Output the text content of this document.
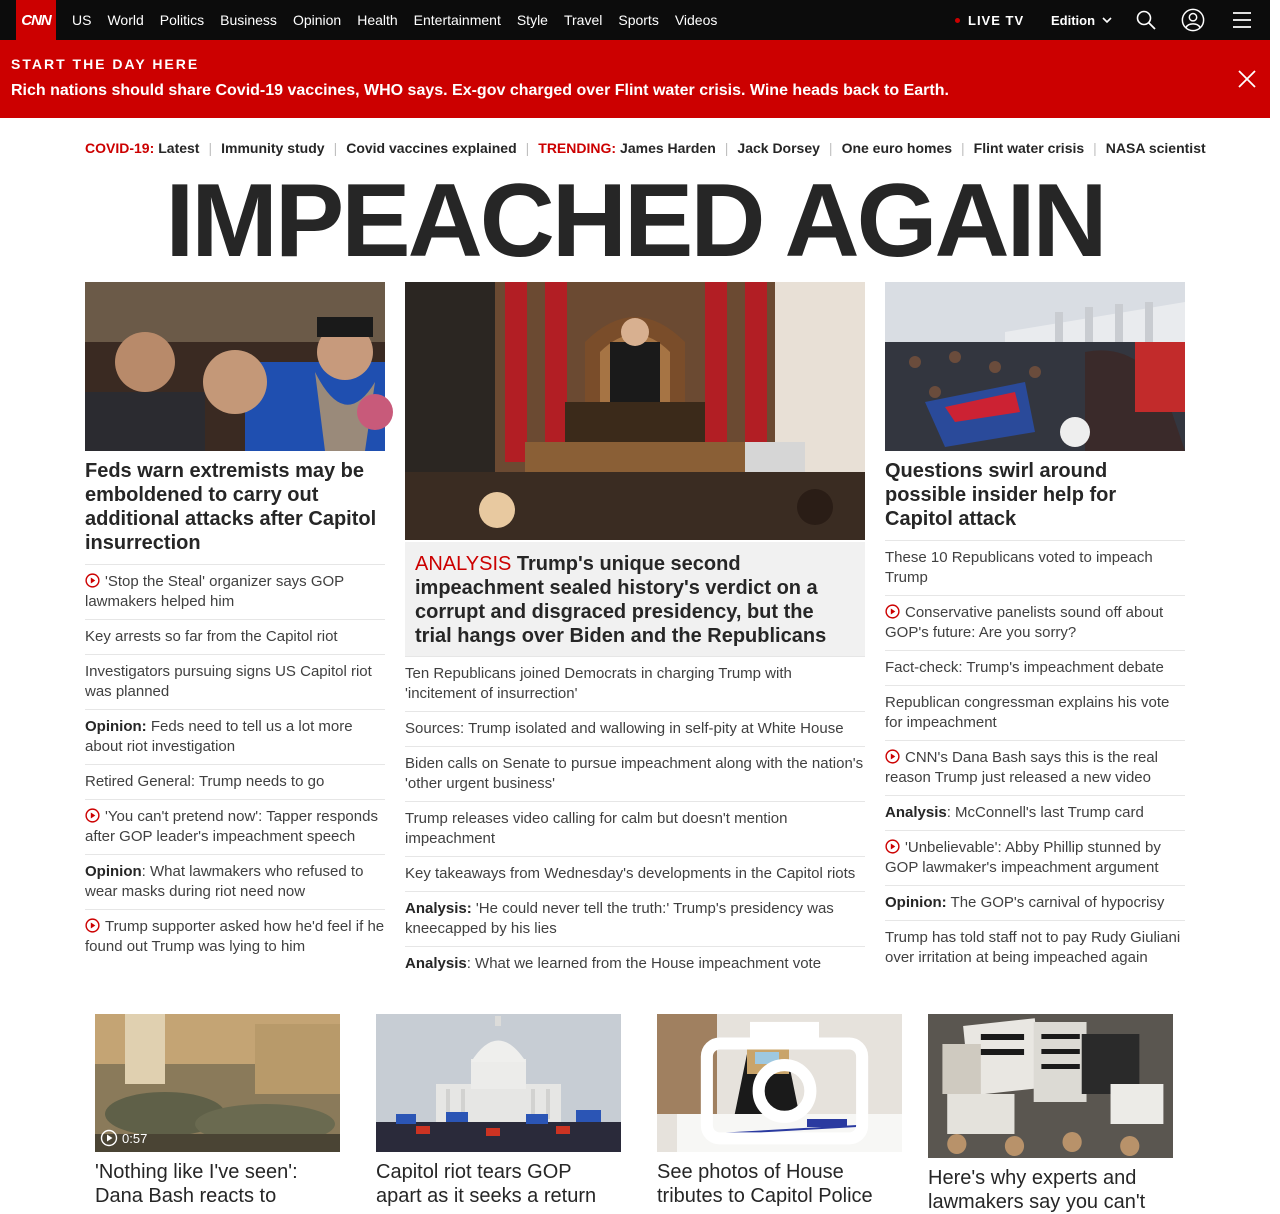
CNN	US	World	Politics	Business	Opinion	Health	Entertainment	Style	Travel	Sports	Videos	LIVE TV Edition
START THE DAY HERE
Rich nations should share Covid-19 vaccines, WHO says. Ex-gov charged over Flint water crisis. Wine heads back to Earth.
COVID-19: Latest | Immunity study | Covid vaccines explained | TRENDING: James Harden | Jack Dorsey | One euro homes | Flint water crisis | NASA scientist
IMPEACHED AGAIN
Feds warn extremists may be emboldened to carry out additional attacks after Capitol insurrection
'Stop the Steal' organizer says GOP lawmakers helped him
Key arrests so far from the Capitol riot
Investigators pursuing signs US Capitol riot was planned
Opinion: Feds need to tell us a lot more about riot investigation
Retired General: Trump needs to go
'You can't pretend now': Tapper responds after GOP leader's impeachment speech
Opinion: What lawmakers who refused to wear masks during riot need now
Trump supporter asked how he'd feel if he found out Trump was lying to him
ANALYSIS Trump's unique second impeachment sealed history's verdict on a corrupt and disgraced presidency, but the trial hangs over Biden and the Republicans
Ten Republicans joined Democrats in charging Trump with 'incitement of insurrection'
Sources: Trump isolated and wallowing in self-pity at White House
Biden calls on Senate to pursue impeachment along with the nation's 'other urgent business'
Trump releases video calling for calm but doesn't mention impeachment
Key takeaways from Wednesday's developments in the Capitol riots
Analysis: 'He could never tell the truth:' Trump's presidency was kneecapped by his lies
Analysis: What we learned from the House impeachment vote
Questions swirl around possible insider help for Capitol attack
These 10 Republicans voted to impeach Trump
Conservative panelists sound off about GOP's future: Are you sorry?
Fact-check: Trump's impeachment debate
Republican congressman explains his vote for impeachment
CNN's Dana Bash says this is the real reason Trump just released a new video
Analysis: McConnell's last Trump card
'Unbelievable': Abby Phillip stunned by GOP lawmaker's impeachment argument
Opinion: The GOP's carnival of hypocrisy
Trump has told staff not to pay Rudy Giuliani over irritation at being impeached again
0:57
'Nothing like I've seen': Dana Bash reacts to
Capitol riot tears GOP apart as it seeks a return
See photos of House tributes to Capitol Police
Here's why experts and lawmakers say you can't
